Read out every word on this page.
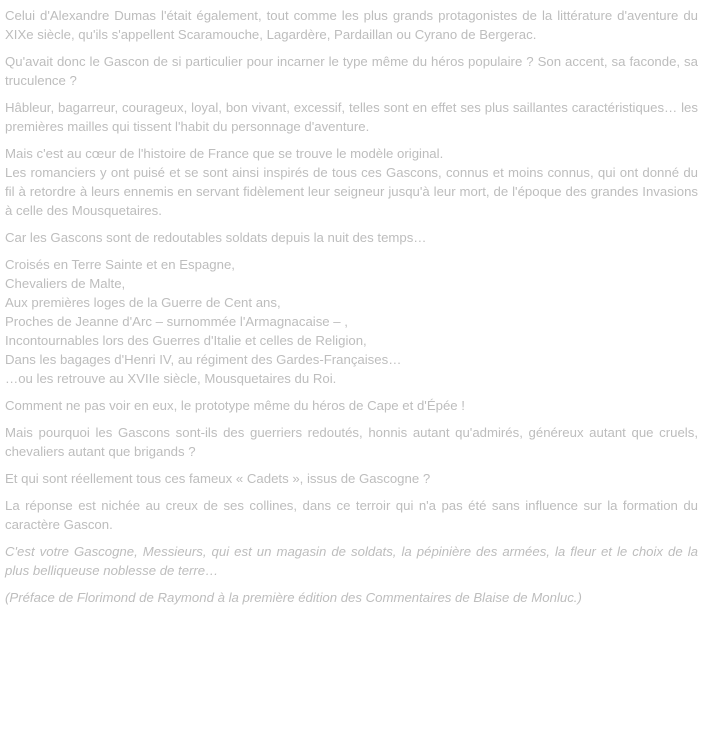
Celui d'Alexandre Dumas l'était également, tout comme les plus grands protagonistes de la littérature d'aventure du XIXe siècle, qu'ils s'appellent Scaramouche, Lagardère, Pardaillan ou Cyrano de Bergerac.

Qu'avait donc le Gascon de si particulier pour incarner le type même du héros populaire ? Son accent, sa faconde, sa truculence ?

Hâbleur, bagarreur, courageux, loyal, bon vivant, excessif, telles sont en effet ses plus saillantes caractéristiques… les premières mailles qui tissent l'habit du personnage d'aventure.

Mais c'est au cœur de l'histoire de France que se trouve le modèle original.
Les romanciers y ont puisé et se sont ainsi inspirés de tous ces Gascons, connus et moins connus, qui ont donné du fil à retordre à leurs ennemis en servant fidèlement leur seigneur jusqu'à leur mort, de l'époque des grandes Invasions à celle des Mousquetaires.

Car les Gascons sont de redoutables soldats depuis la nuit des temps…

Croisés en Terre Sainte et en Espagne,
Chevaliers de Malte,
Aux premières loges de la Guerre de Cent ans,
Proches de Jeanne d'Arc – surnommée l'Armagnacaise – ,
Incontournables lors des Guerres d'Italie et celles de Religion,
Dans les bagages d'Henri IV, au régiment des Gardes-Françaises…
…ou les retrouve au XVIIe siècle, Mousquetaires du Roi.

Comment ne pas voir en eux, le prototype même du héros de Cape et d'Épée !

Mais pourquoi les Gascons sont-ils des guerriers redoutés, honnis autant qu'admirés, généreux autant que cruels, chevaliers autant que brigands ?

Et qui sont réellement tous ces fameux « Cadets », issus de Gascogne ?

La réponse est nichée au creux de ses collines, dans ce terroir qui n'a pas été sans influence sur la formation du caractère Gascon.

C'est votre Gascogne, Messieurs, qui est un magasin de soldats, la pépinière des armées, la fleur et le choix de la plus belliqueuse noblesse de terre…

(Préface de Florimond de Raymond à la première édition des Commentaires de Blaise de Monluc.)
